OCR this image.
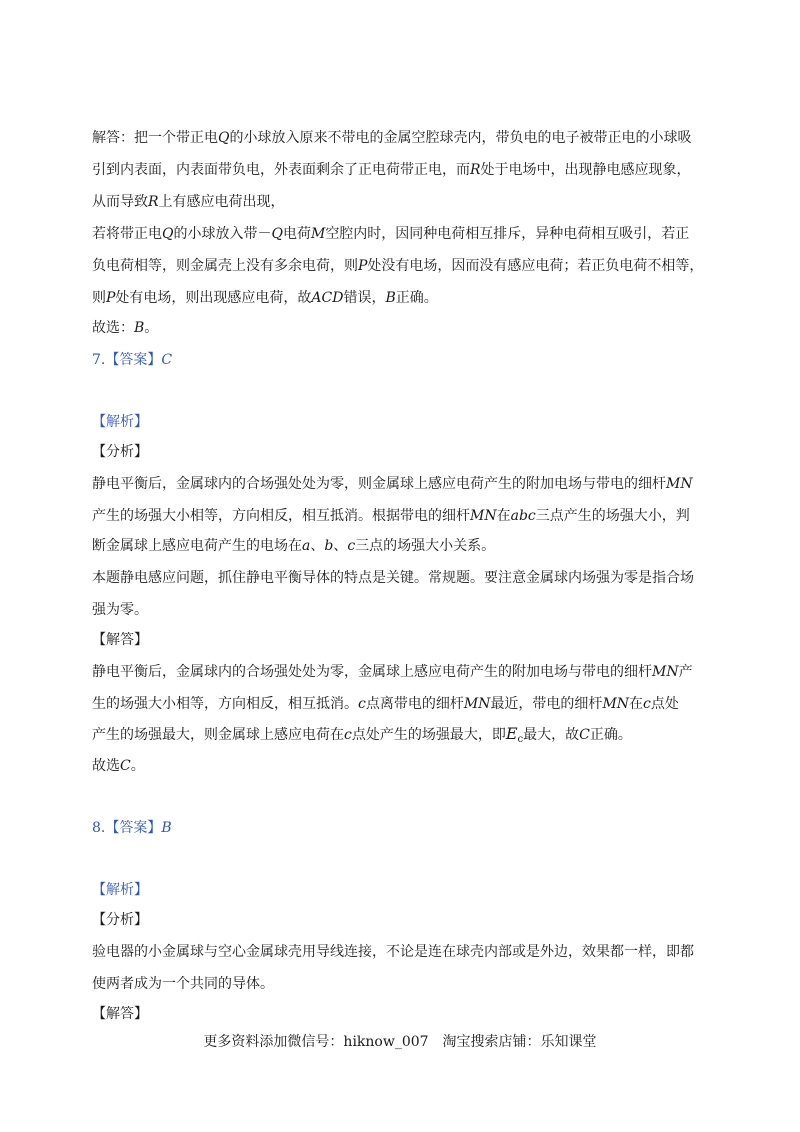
解答：把一个带正电Q的小球放入原来不带电的金属空腔球壳内，带负电的电子被带正电的小球吸
引到内表面，内表面带负电，外表面剩余了正电荷带正电，而R处于电场中，出现静电感应现象，
从而导致R上有感应电荷出现，
若将带正电Q的小球放入带－Q电荷M空腔内时，因同种电荷相互排斥，异种电荷相互吸引，若正
负电荷相等，则金属壳上没有多余电荷，则P处没有电场，因而没有感应电荷；若正负电荷不相等，
则P处有电场，则出现感应电荷，故ACD错误，B正确。
故选：B。
7.【答案】C
【解析】
【分析】
静电平衡后，金属球内的合场强处处为零，则金属球上感应电荷产生的附加电场与带电的细杆MN
产生的场强大小相等，方向相反，相互抵消。根据带电的细杆MN在abc三点产生的场强大小，判
断金属球上感应电荷产生的电场在a、b、c三点的场强大小关系。
本题静电感应问题，抓住静电平衡导体的特点是关键。常规题。要注意金属球内场强为零是指合场
强为零。
【解答】
静电平衡后，金属球内的合场强处处为零，金属球上感应电荷产生的附加电场与带电的细杆MN产
生的场强大小相等，方向相反，相互抵消。c点离带电的细杆MN最近，带电的细杆MN在c点处
产生的场强最大，则金属球上感应电荷在c点处产生的场强最大，即$E_c$最大，故C正确。
故选C。
8.【答案】B
【解析】
【分析】
验电器的小金属球与空心金属球壳用导线连接，不论是连在球壳内部或是外边，效果都一样，即都
使两者成为一个共同的导体。
【解答】
更多资料添加微信号：hiknow_007　淘宝搜索店铺：乐知课堂
